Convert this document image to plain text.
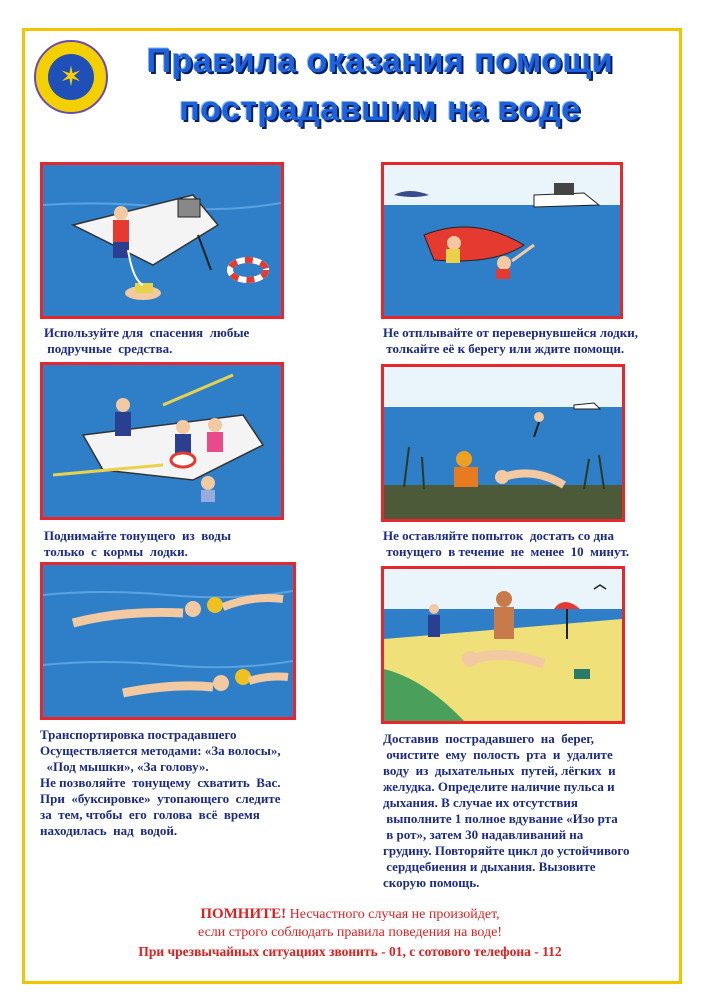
✶	Правила оказания помощи
пострадавшим на воде
Используйте для  спасения  любые
подручные  средства.
Не отплывайте от перевернувшейся лодки,
толкайте её к берегу или ждите помощи.
Поднимайте тонущего  из  воды
только  с  кормы  лодки.
Не оставляйте попыток  достать со дна
тонущего  в течение  не  менее  10  минут.
Транспортировка пострадавшего
Осуществляется методами: «За волосы»,
«Под мышки», «За голову».
Не позволяйте  тонущему  схватить  Вас.
При  «буксировке»  утопающего  следите
за  тем, чтобы  его  голова  всё  время
находилась  над  водой.
Доставив  пострадавшего  на  берег,
очистите  ему  полость  рта  и  удалите
воду  из  дыхательных  путей, лёгких  и
желудка. Определите наличие пульса и
дыхания. В случае их отсутствия
выполните 1 полное вдувание «Изо рта
в рот», затем 30 надавливаний на
грудину. Повторяйте цикл до устойчивого
сердцебиения и дыхания. Вызовите
скорую помощь.
ПОМНИТЕ! Несчастного случая не произойдет,
если строго соблюдать правила поведения на воде!
При чрезвычайных ситуациях звонить - 01, с сотового телефона - 112
